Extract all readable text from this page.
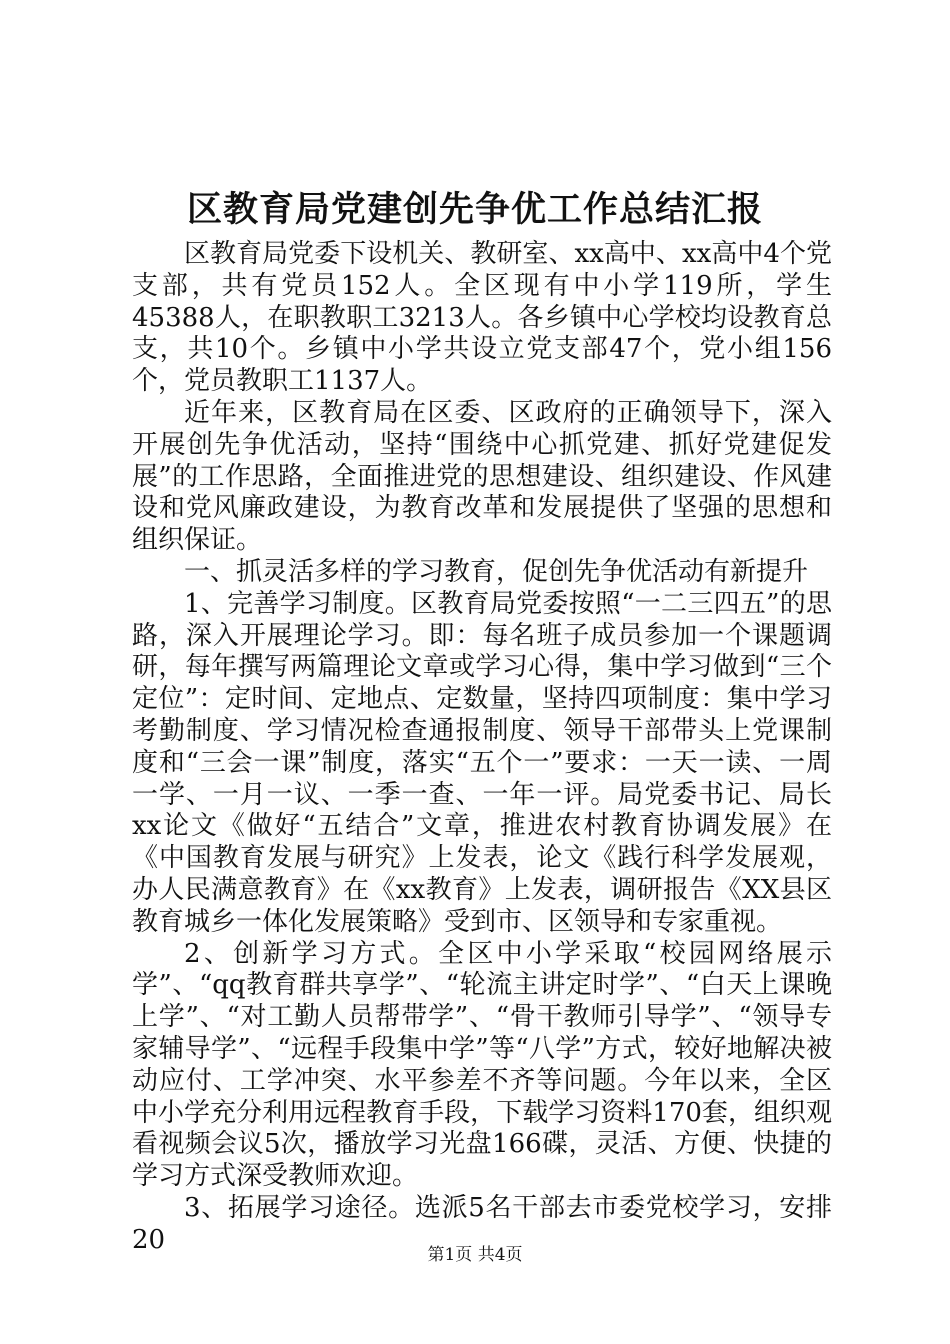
区教育局党建创先争优工作总结汇报

区教育局党委下设机关、教研室、xx高中、xx高中4个党支部，共有党员152人。全区现有中小学119所，学生45388人，在职教职工3213人。各乡镇中心学校均设教育总支，共10个。乡镇中小学共设立党支部47个，党小组156个，党员教职工1137人。

近年来，区教育局在区委、区政府的正确领导下，深入开展创先争优活动，坚持“围绕中心抓党建、抓好党建促发展”的工作思路，全面推进党的思想建设、组织建设、作风建设和党风廉政建设，为教育改革和发展提供了坚强的思想和组织保证。

一、抓灵活多样的学习教育，促创先争优活动有新提升

1、完善学习制度。区教育局党委按照“一二三四五”的思路，深入开展理论学习。即：每名班子成员参加一个课题调研，每年撰写两篇理论文章或学习心得，集中学习做到“三个定位”：定时间、定地点、定数量，坚持四项制度：集中学习考勤制度、学习情况检查通报制度、领导干部带头上党课制度和“三会一课”制度，落实“五个一”要求：一天一读、一周一学、一月一议、一季一查、一年一评。局党委书记、局长xx论文《做好“五结合”文章，推进农村教育协调发展》在《中国教育发展与研究》上发表，论文《践行科学发展观，办人民满意教育》在《xx教育》上发表，调研报告《XX县区教育城乡一体化发展策略》受到市、区领导和专家重视。

2、创新学习方式。全区中小学采取“校园网络展示学”、“qq教育群共享学”、“轮流主讲定时学”、“白天上课晚上学”、“对工勤人员帮带学”、“骨干教师引导学”、“领导专家辅导学”、“远程手段集中学”等“八学”方式，较好地解决被动应付、工学冲突、水平参差不齐等问题。今年以来，全区中小学充分利用远程教育手段，下载学习资料170套，组织观看视频会议5次，播放学习光盘166碟，灵活、方便、快捷的学习方式深受教师欢迎。

3、拓展学习途径。选派5名干部去市委党校学习，安排20

第1页 共4页
